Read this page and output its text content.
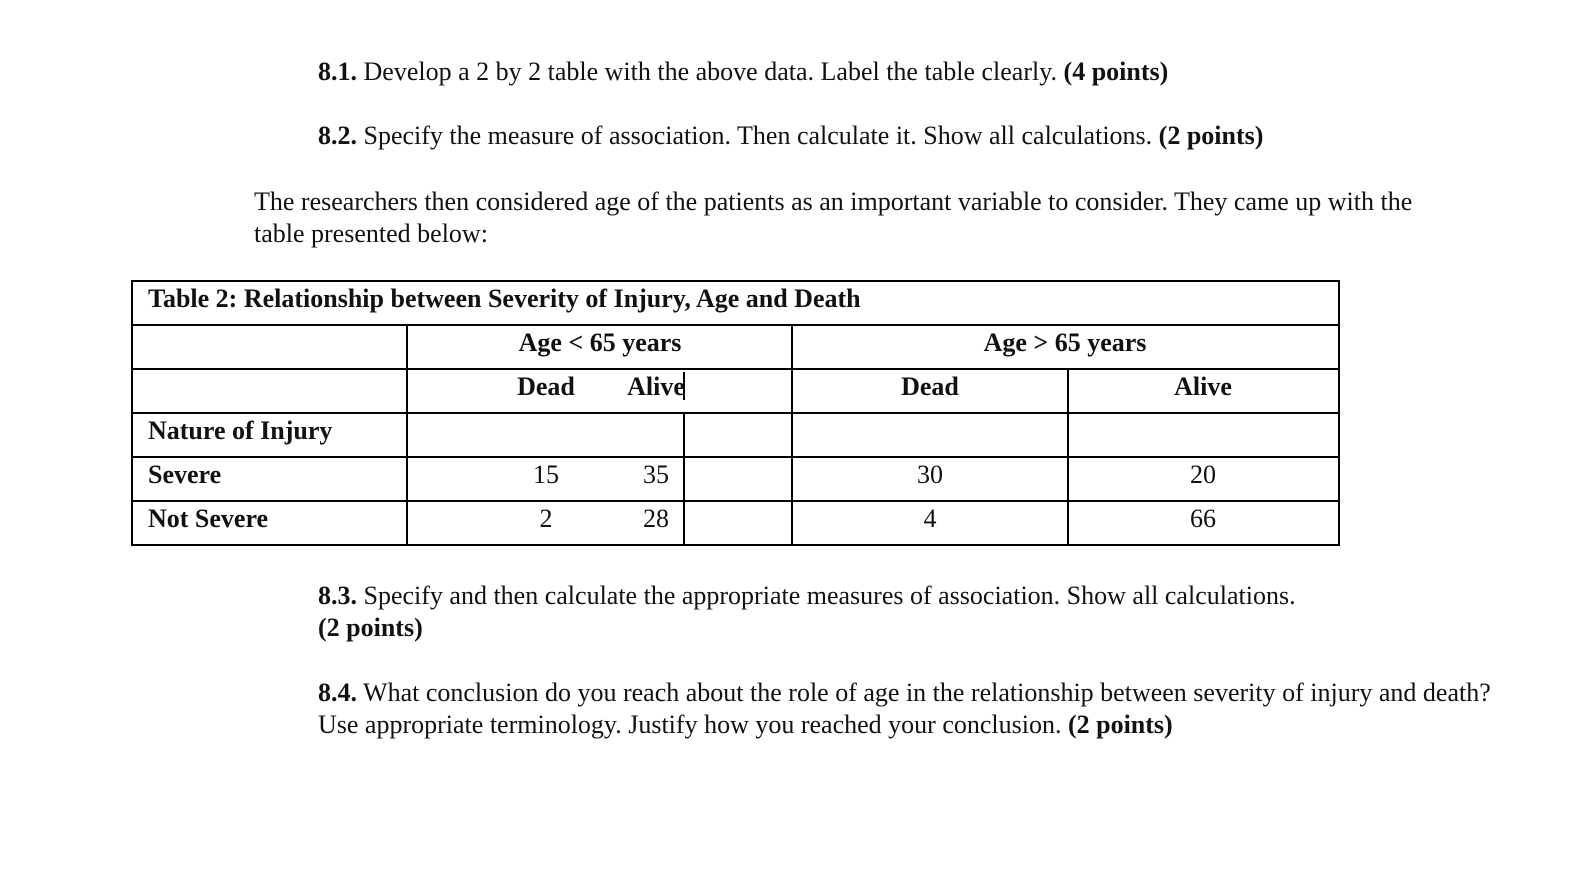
8.1. Develop a 2 by 2 table with the above data. Label the table clearly. (4 points)

8.2. Specify the measure of association. Then calculate it. Show all calculations. (2 points)

The researchers then considered age of the patients as an important variable to consider. They came up with the table presented below:

Table 2: Relationship between Severity of Injury, Age and Death
Age < 65 years	Age > 65 years
Dead Alive	Dead	Alive
Nature of Injury
Severe	15	35	30	20
Not Severe	2	28	4	66

8.3. Specify and then calculate the appropriate measures of association. Show all calculations.
(2 points)

8.4. What conclusion do you reach about the role of age in the relationship between severity of injury and death? Use appropriate terminology. Justify how you reached your conclusion. (2 points)
